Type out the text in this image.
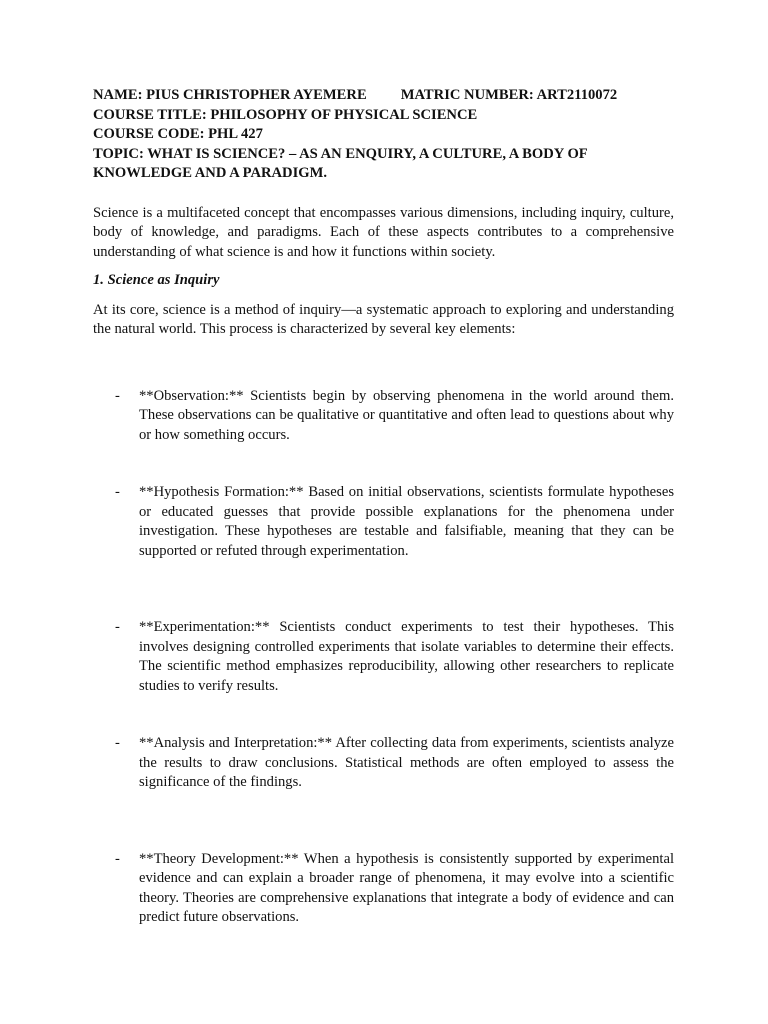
NAME: PIUS CHRISTOPHER AYEMERE MATRIC NUMBER: ART2110072
COURSE TITLE: PHILOSOPHY OF PHYSICAL SCIENCE
COURSE CODE: PHL 427
TOPIC: WHAT IS SCIENCE? – AS AN ENQUIRY, A CULTURE, A BODY OF KNOWLEDGE AND A PARADIGM.

Science is a multifaceted concept that encompasses various dimensions, including inquiry, culture, body of knowledge, and paradigms. Each of these aspects contributes to a comprehensive understanding of what science is and how it functions within society.

1. Science as Inquiry

At its core, science is a method of inquiry—a systematic approach to exploring and understanding the natural world. This process is characterized by several key elements:

- **Observation:** Scientists begin by observing phenomena in the world around them. These observations can be qualitative or quantitative and often lead to questions about why or how something occurs.
- **Hypothesis Formation:** Based on initial observations, scientists formulate hypotheses or educated guesses that provide possible explanations for the phenomena under investigation. These hypotheses are testable and falsifiable, meaning that they can be supported or refuted through experimentation.
- **Experimentation:** Scientists conduct experiments to test their hypotheses. This involves designing controlled experiments that isolate variables to determine their effects. The scientific method emphasizes reproducibility, allowing other researchers to replicate studies to verify results.
- **Analysis and Interpretation:** After collecting data from experiments, scientists analyze the results to draw conclusions. Statistical methods are often employed to assess the significance of the findings.
- **Theory Development:** When a hypothesis is consistently supported by experimental evidence and can explain a broader range of phenomena, it may evolve into a scientific theory. Theories are comprehensive explanations that integrate a body of evidence and can predict future observations.
